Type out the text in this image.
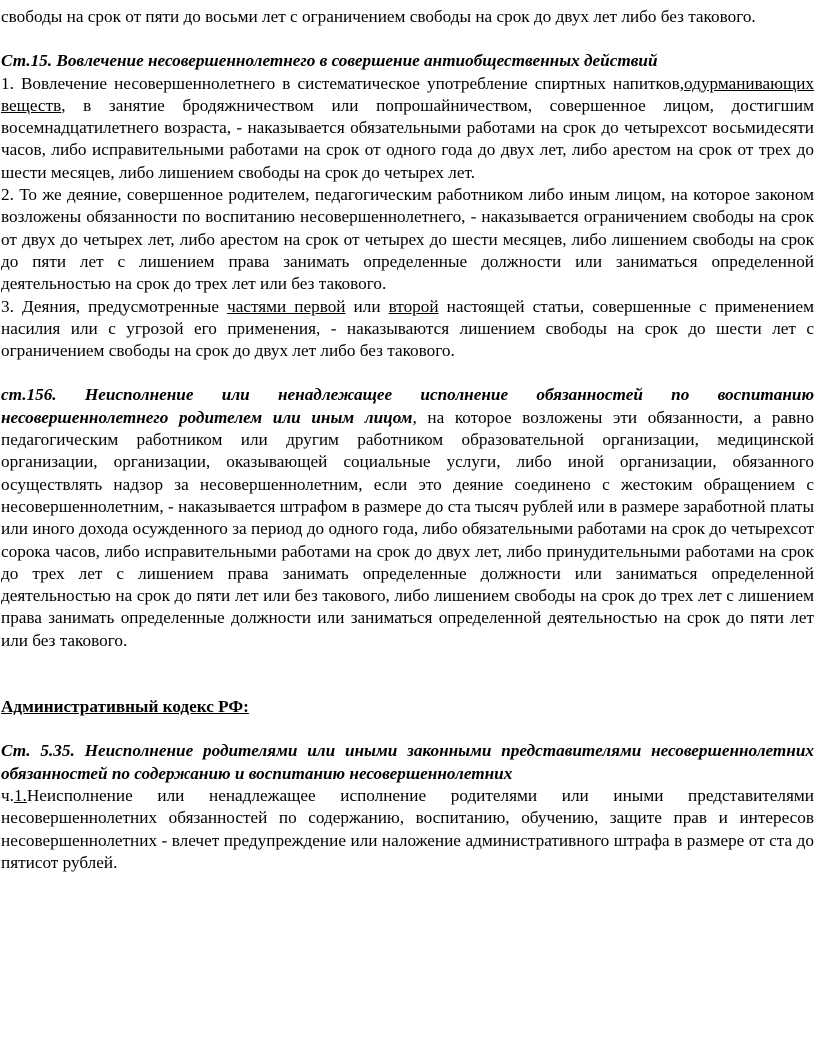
свободы на срок от пяти до восьми лет с ограничением свободы на срок до двух лет либо без такового.

Ст.15. Вовлечение несовершеннолетнего в совершение антиобщественных действий

1. Вовлечение несовершеннолетнего в систематическое употребление спиртных напитков,одурманивающих веществ, в занятие бродяжничеством или попрошайничеством, совершенное лицом, достигшим восемнадцатилетнего возраста, - наказывается обязательными работами на срок до четырехсот восьмидесяти часов, либо исправительными работами на срок от одного года до двух лет, либо арестом на срок от трех до шести месяцев, либо лишением свободы на срок до четырех лет.

2. То же деяние, совершенное родителем, педагогическим работником либо иным лицом, на которое законом возложены обязанности по воспитанию несовершеннолетнего, - наказывается ограничением свободы на срок от двух до четырех лет, либо арестом на срок от четырех до шести месяцев, либо лишением свободы на срок до пяти лет с лишением права занимать определенные должности или заниматься определенной деятельностью на срок до трех лет или без такового.

3. Деяния, предусмотренные частями первой или второй настоящей статьи, совершенные с применением насилия или с угрозой его применения, - наказываются лишением свободы на срок до шести лет с ограничением свободы на срок до двух лет либо без такового.

ст.156. Неисполнение или ненадлежащее исполнение обязанностей по воспитанию несовершеннолетнего родителем или иным лицом, на которое возложены эти обязанности, а равно педагогическим работником или другим работником образовательной организации, медицинской организации, организации, оказывающей социальные услуги, либо иной организации, обязанного осуществлять надзор за несовершеннолетним, если это деяние соединено с жестоким обращением с несовершеннолетним, - наказывается штрафом в размере до ста тысяч рублей или в размере заработной платы или иного дохода осужденного за период до одного года, либо обязательными работами на срок до четырехсот сорока часов, либо исправительными работами на срок до двух лет, либо принудительными работами на срок до трех лет с лишением права занимать определенные должности или заниматься определенной деятельностью на срок до пяти лет или без такового, либо лишением свободы на срок до трех лет с лишением права занимать определенные должности или заниматься определенной деятельностью на срок до пяти лет или без такового.

Административный кодекс РФ:

Ст. 5.35. Неисполнение родителями или иными законными представителями несовершеннолетних обязанностей по содержанию и воспитанию несовершеннолетних

ч.1.Неисполнение или ненадлежащее исполнение родителями или иными представителями несовершеннолетних обязанностей по содержанию, воспитанию, обучению, защите прав и интересов несовершеннолетних - влечет предупреждение или наложение административного штрафа в размере от ста до пятисот рублей.
